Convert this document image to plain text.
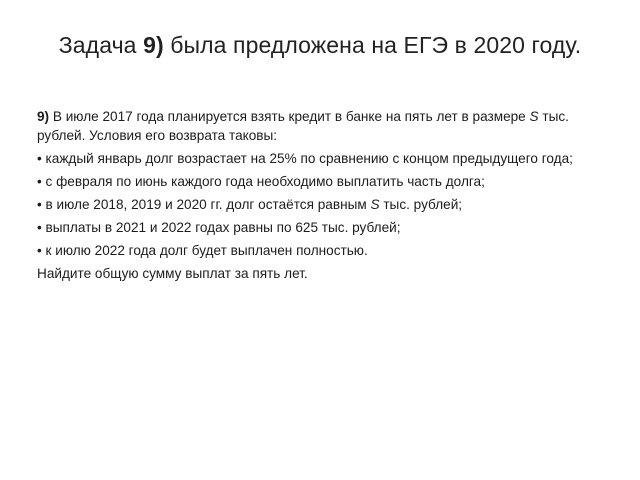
Задача 9) была предложена на ЕГЭ в 2020 году.

9) В июле 2017 года планируется взять кредит в банке на пять лет в размере S тыс. рублей. Условия его возврата таковы:

• каждый январь долг возрастает на 25% по сравнению с концом предыдущего года;

• с февраля по июнь каждого года необходимо выплатить часть долга;

• в июле 2018, 2019 и 2020 гг. долг остаётся равным S тыс. рублей;

• выплаты в 2021 и 2022 годах равны по 625 тыс. рублей;

• к июлю 2022 года долг будет выплачен полностью.

Найдите общую сумму выплат за пять лет.
